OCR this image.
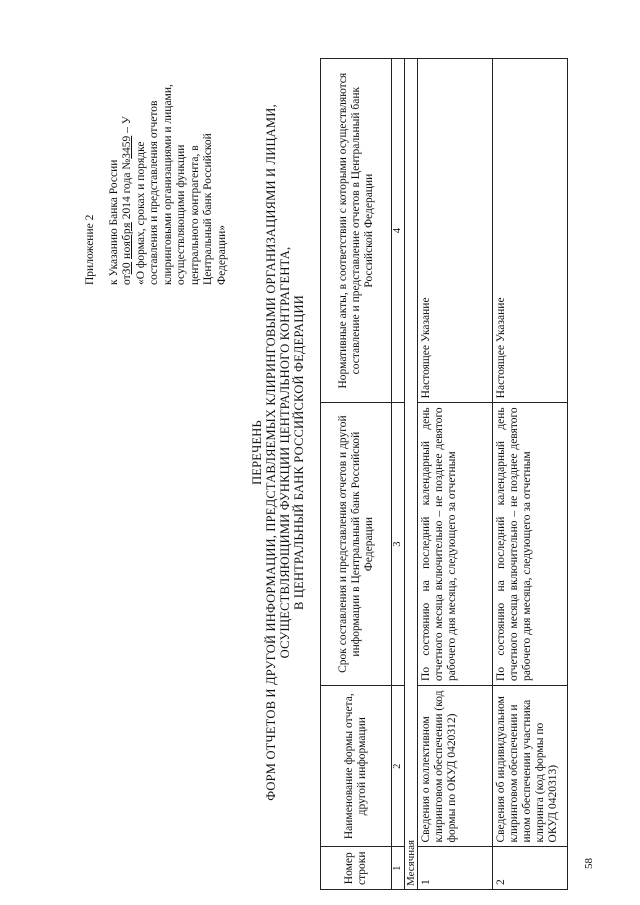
58
Приложение 2 к Указанию Банка России от30 ноября 2014 года №3459 – У
«О формах, сроках и порядке составления и представления отчетов клиринговыми организациями и лицами, осуществляющими функции центрального контрагента, в Центральный банк Российской Федерации»
ПЕРЕЧЕНЬ ФОРМ ОТЧЕТОВ И ДРУГОЙ ИНФОРМАЦИИ, ПРЕДСТАВЛЯЕМЫХ КЛИРИНГОВЫМИ ОРГАНИЗАЦИЯМИ И ЛИЦАМИ, ОСУЩЕСТВЛЯЮЩИМИ ФУНКЦИИ ЦЕНТРАЛЬНОГО КОНТРАГЕНТА, В ЦЕНТРАЛЬНЫЙ БАНК РОССИЙСКОЙ ФЕДЕРАЦИИ
Номер строки	Наименование формы отчета, другой информации	Срок составления и представления отчетов и другой информации в Центральный банк Российской Федерации	Нормативные акты, в соответствии с которыми осуществляются составление и представление отчетов в Центральный банк Российской Федерации
1	2	3	4
Месячная			
1	Сведения о коллективном клиринговом обеспечении (код формы по ОКУД 0420312)	По состоянию на последний календарный день отчетного месяца включительно – не позднее девятого рабочего дня месяца, следующего за отчетным	Настоящее Указание
2	Сведения об индивидуальном клиринговом обеспечении и ином обеспечении участника клиринга (код формы по ОКУД 0420313)	По состоянию на последний календарный день отчетного месяца включительно – не позднее девятого рабочего дня месяца, следующего за отчетным	Настоящее Указание
